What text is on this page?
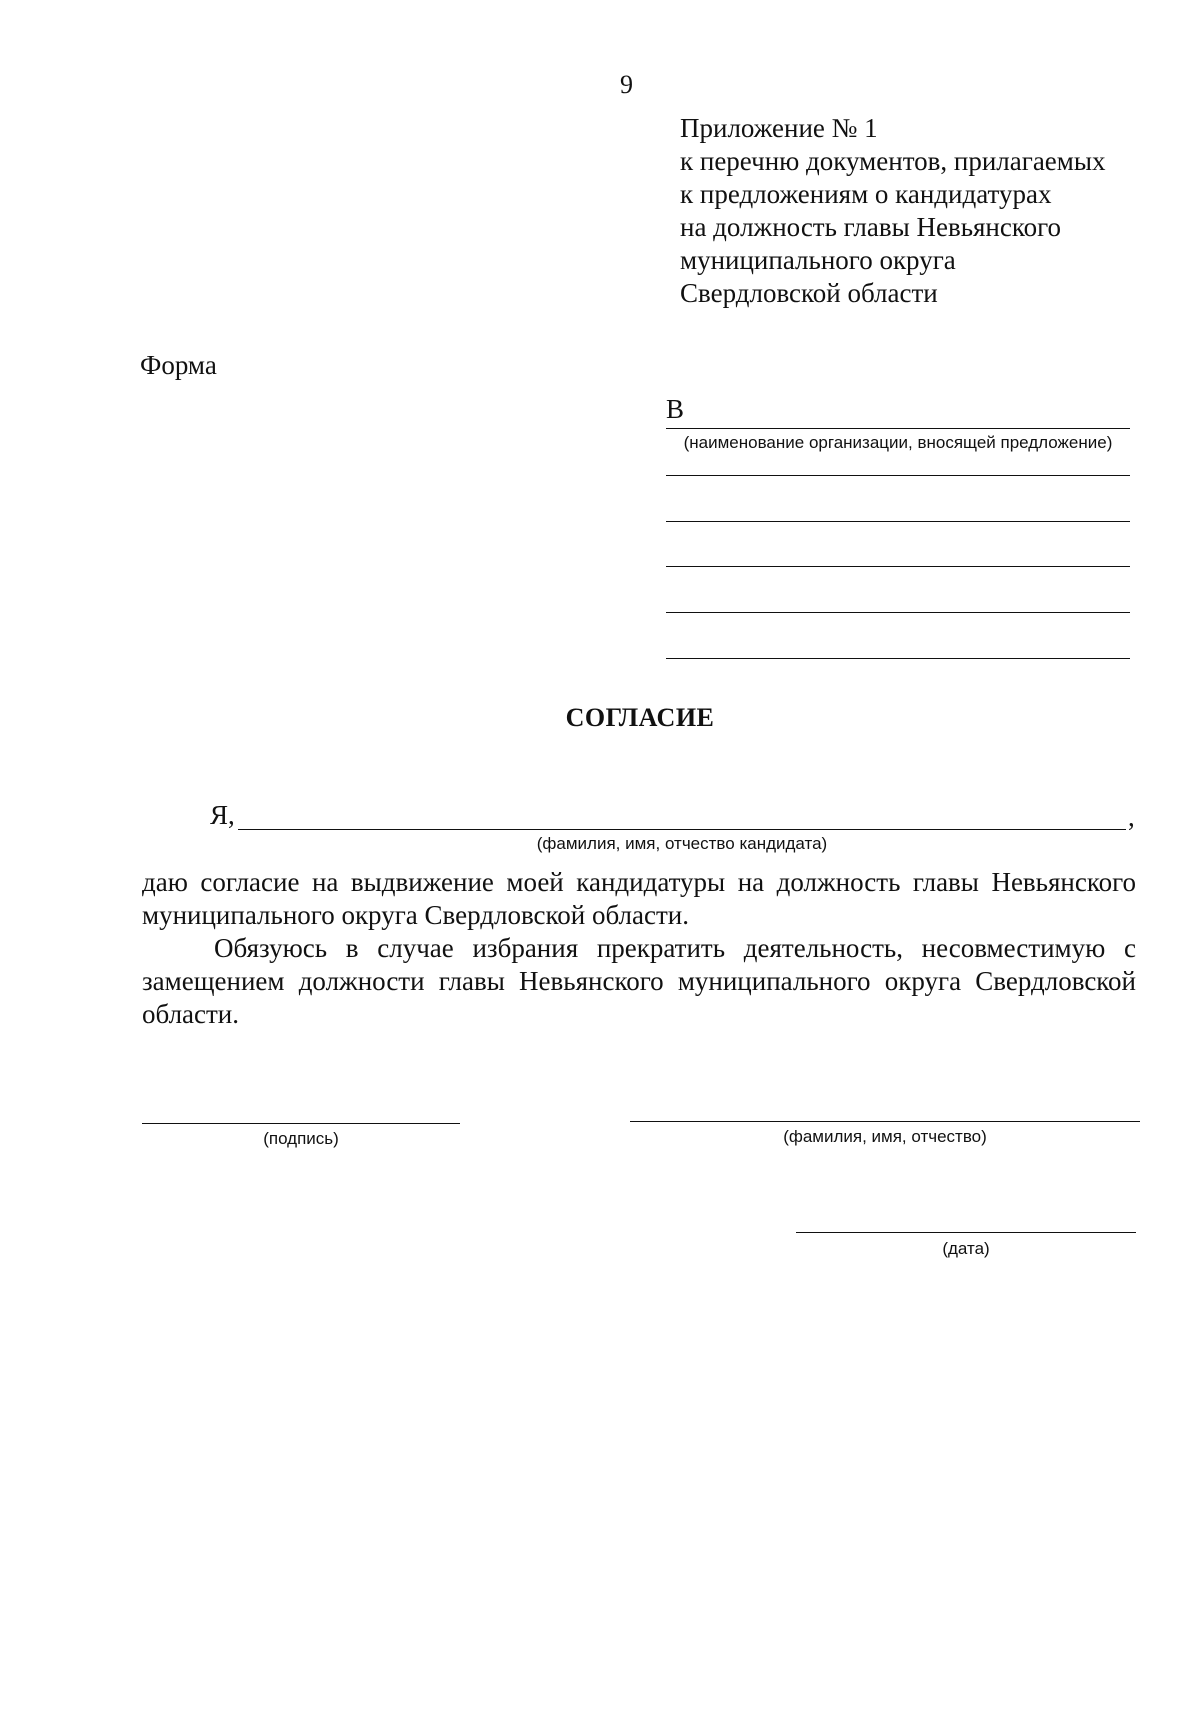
9
Приложение № 1
к перечню документов, прилагаемых
к предложениям о кандидатурах
на должность главы Невьянского
муниципального округа
Свердловской области
Форма
В
(наименование организации, вносящей предложение)
СОГЛАСИЕ
Я,	,
(фамилия, имя, отчество кандидата)

даю согласие на выдвижение моей кандидатуры на должность главы Невьянского муниципального округа Свердловской области.

Обязуюсь в случае избрания прекратить деятельность, несовместимую с замещением должности главы Невьянского муниципального округа Свердловской области.

(подпись)	(фамилия, имя, отчество)
(дата)
